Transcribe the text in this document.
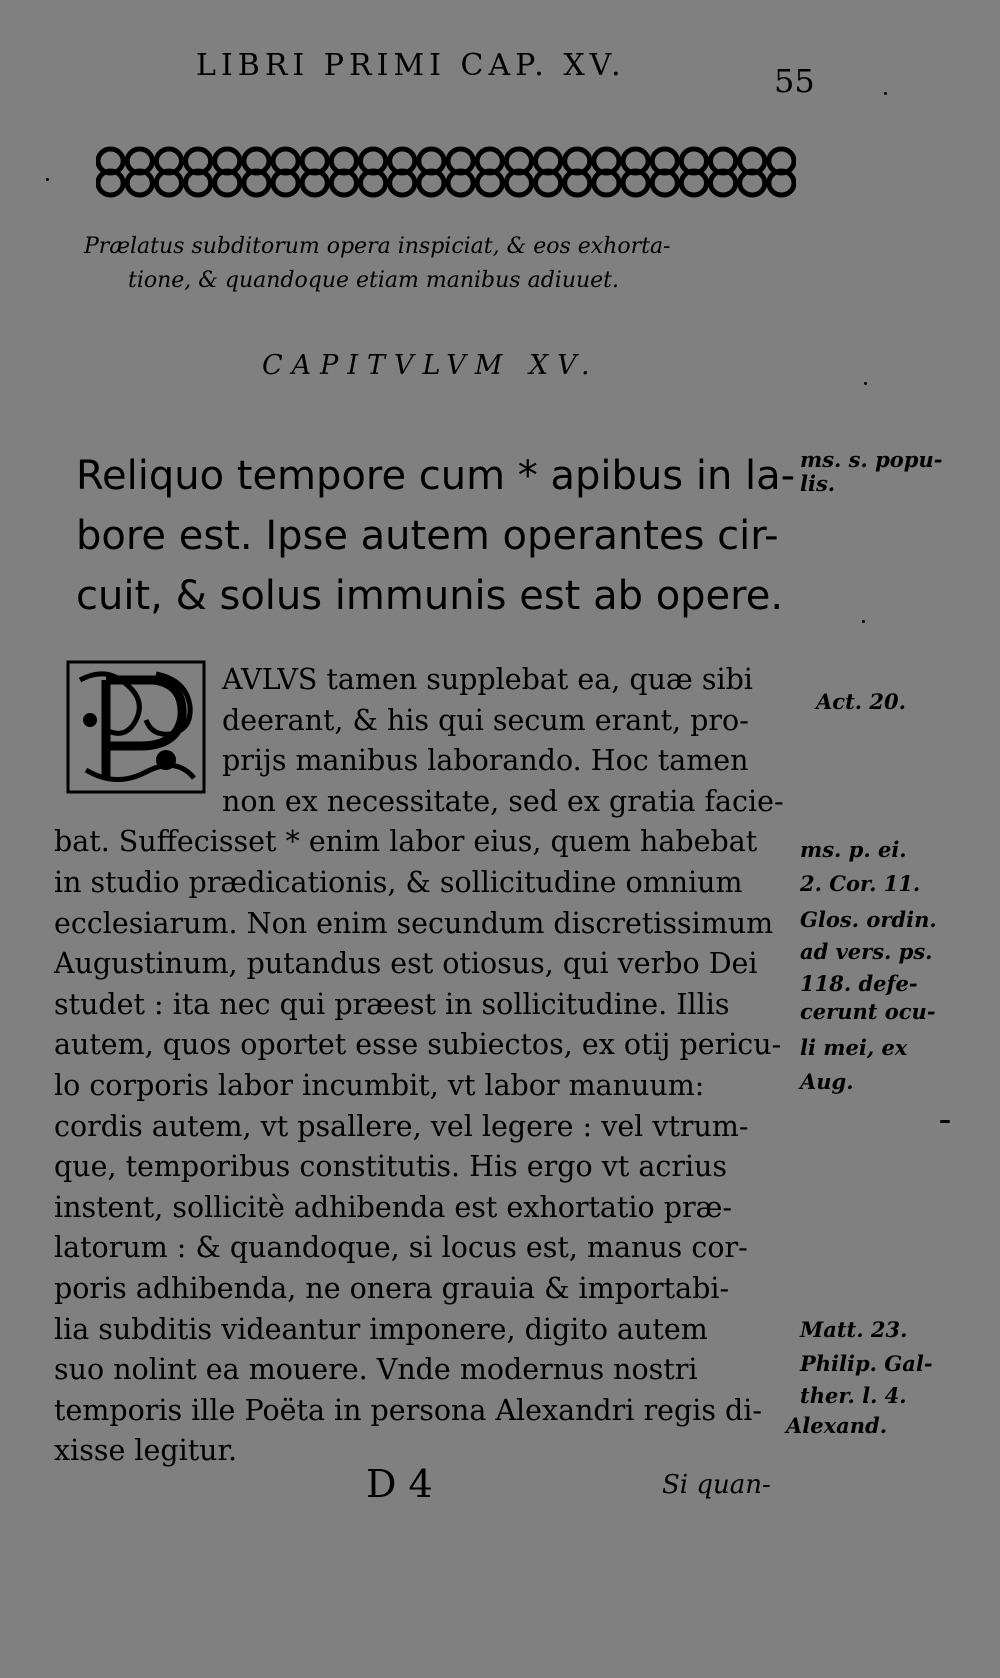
LIBRI PRIMI CAP. XV.	55
Prælatus subditorum opera inspiciat, & eos exhorta-
tione, & quandoque etiam manibus adiuuet.
CAPITVLVM XV.
Reliquo tempore cum * apibus in la-
bore est. Ipse autem operantes cir-
cuit, & solus immunis est ab opere.
AVLVS tamen supplebat ea, quæ sibi
deerant, & his qui secum erant, pro-
prijs manibus laborando. Hoc tamen
non ex necessitate, sed ex gratia facie-
bat. Suffecisset * enim labor eius, quem habebat
in studio prædicationis, & sollicitudine omnium
ecclesiarum. Non enim secundum discretissimum
Augustinum, putandus est otiosus, qui verbo Dei
studet : ita nec qui præest in sollicitudine. Illis
autem, quos oportet esse subiectos, ex otij pericu-
lo corporis labor incumbit, vt labor manuum:
cordis autem, vt psallere, vel legere : vel vtrum-
que, temporibus constitutis. His ergo vt acrius
instent, sollicitè adhibenda est exhortatio præ-
latorum : & quandoque, si locus est, manus cor-
poris adhibenda, ne onera grauia & importabi-
lia subditis videantur imponere, digito autem
suo nolint ea mouere. Vnde modernus nostri
temporis ille Poëta in persona Alexandri regis di-
xisse legitur.
ms. s. popu-
lis.
Act. 20.
ms. p. ei.
2. Cor. 11.
Glos. ordin.
ad vers. ps.
118. defe-
cerunt ocu-
li mei, ex
Aug.
Matt. 23.
Philip. Gal-
ther. l. 4.
Alexand.
D 4	Si quan-
